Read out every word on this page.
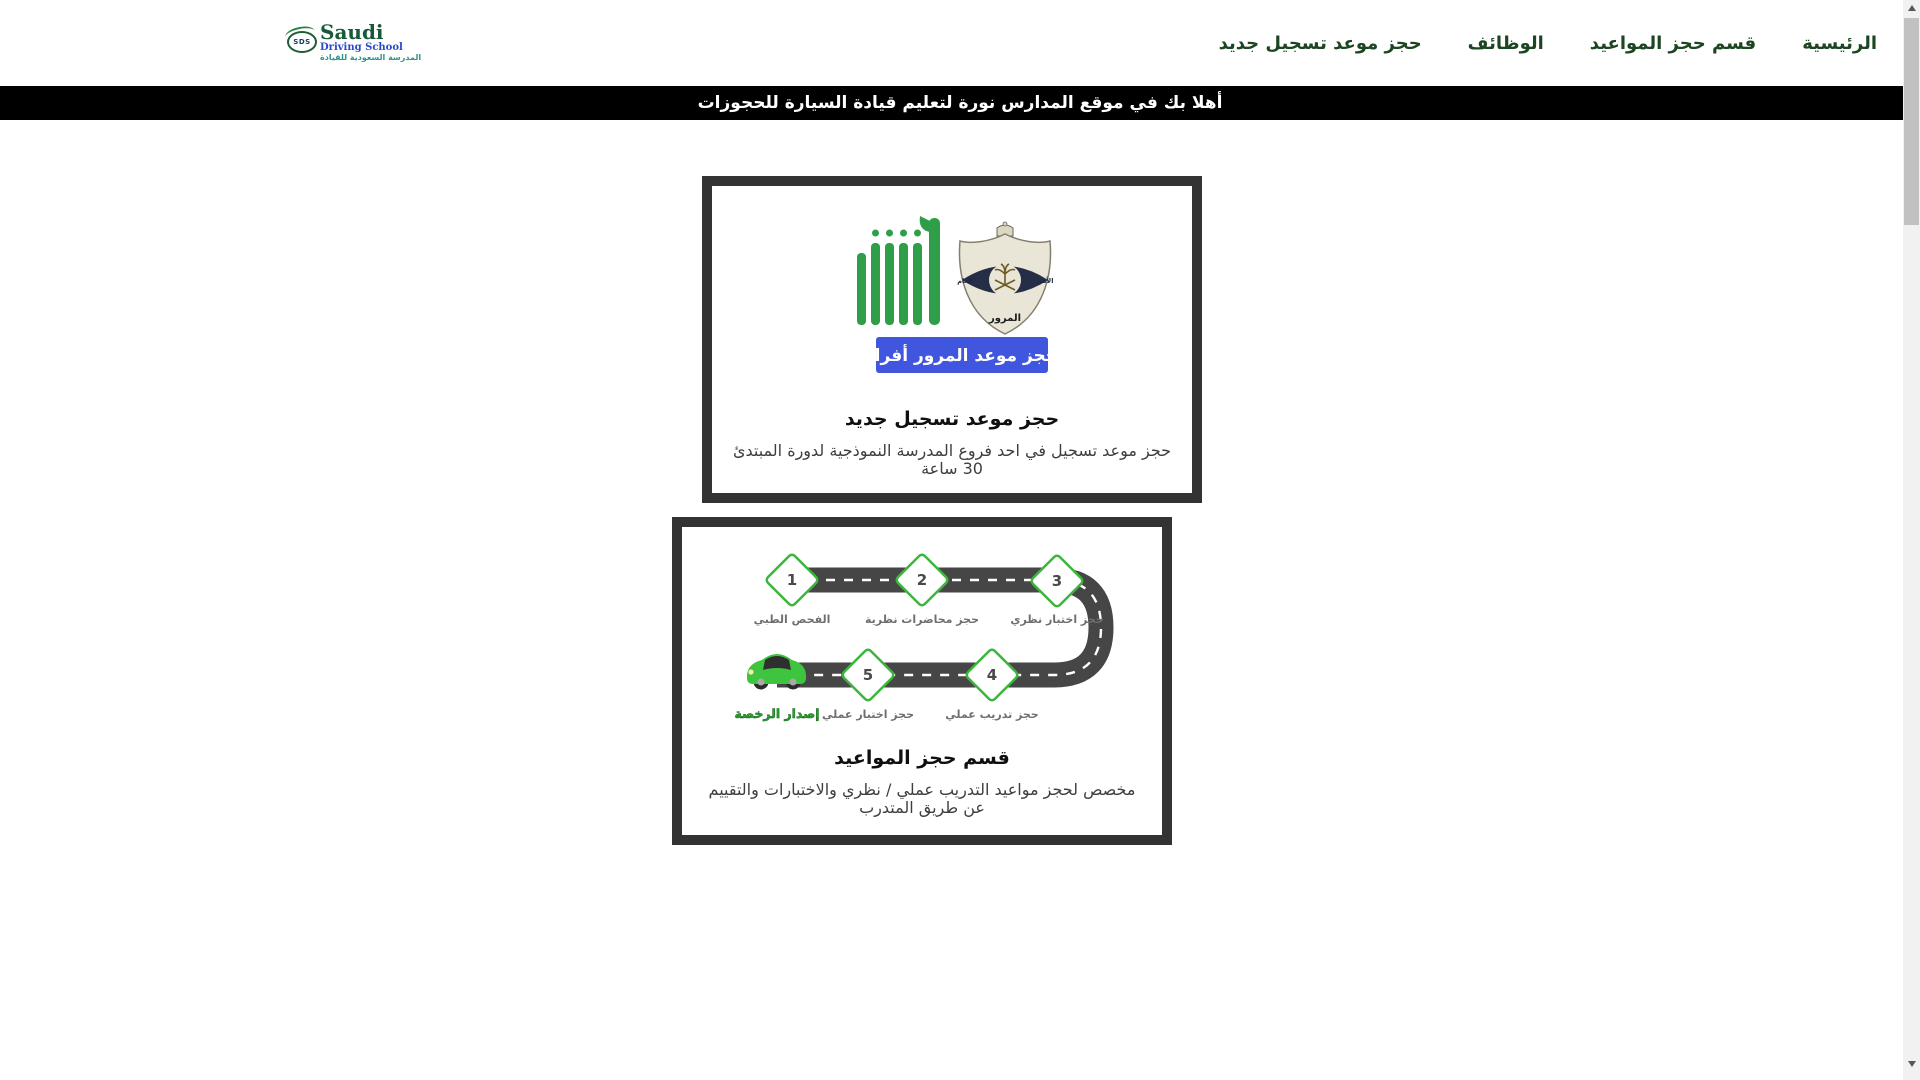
SDS Saudi
Driving School
المدرسة السعودية للقيادة
الرئيسية
قسم حجز المواعيد
الوظائف
حجز موعد تسجيل جديد
أهلا بك في موقع المدارس نورة لتعليم قيادة السيارة للحجوزات
العام	الأمن
المرور
حجز موعد المرور أفراد
حجز موعد تسجيل جديد
حجز موعد تسجيل في احد فروع المدرسة النموذجية لدورة المبتدئ 30 ساعة
1	2	3
4
5
الفحص الطبي	حجز محاضرات نظرية	حجز اختبار نظري
حجز تدريب عملي
حجز اختبار عملي
إصدار الرخصة
قسم حجز المواعيد
مخصص لحجز مواعيد التدريب عملي / نظري والاختبارات والتقييم عن طريق المتدرب
